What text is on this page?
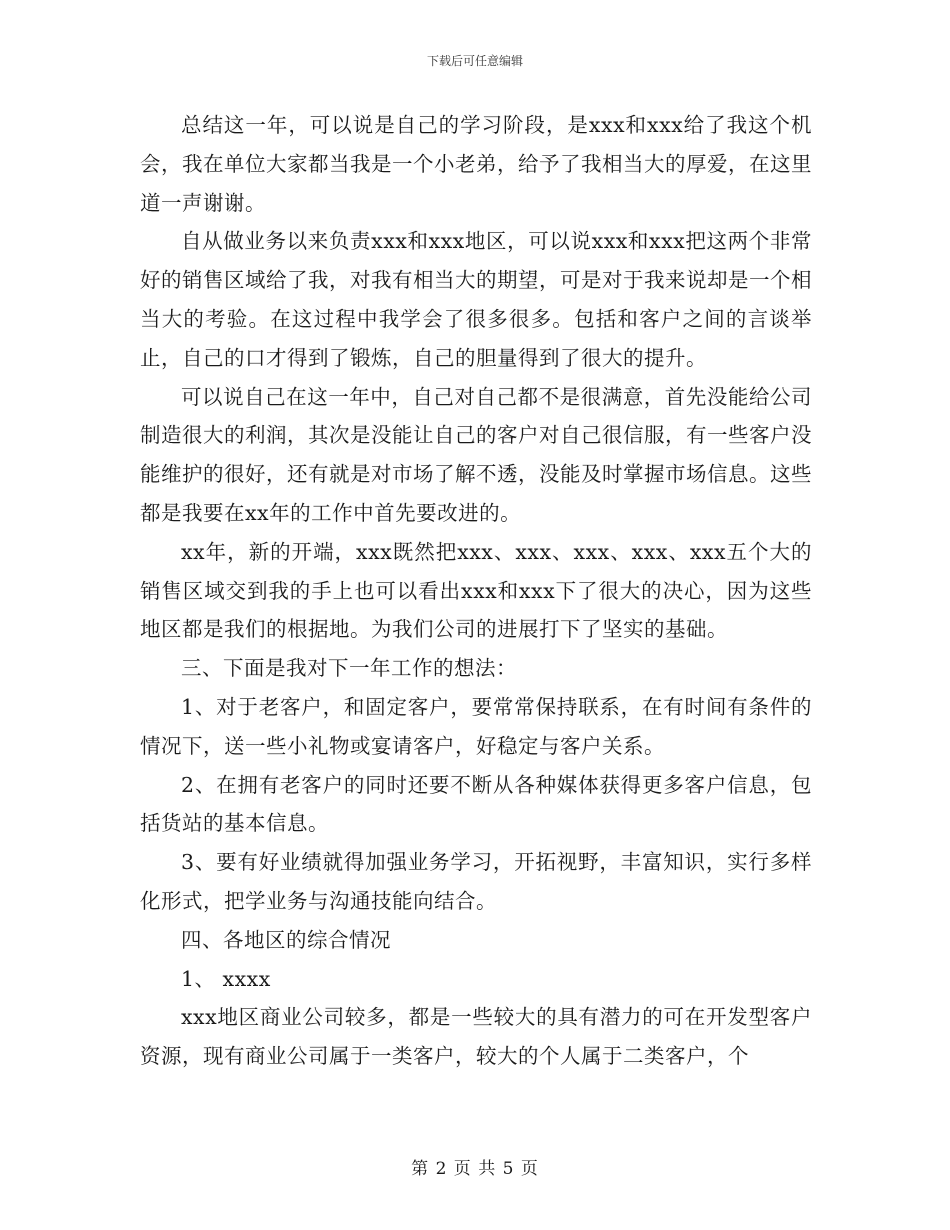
下载后可任意编辑

总结这一年，可以说是自己的学习阶段，是xxx和xxx给了我这个机会，我在单位大家都当我是一个小老弟，给予了我相当大的厚爱，在这里道一声谢谢。

自从做业务以来负责xxx和xxx地区，可以说xxx和xxx把这两个非常好的销售区域给了我，对我有相当大的期望，可是对于我来说却是一个相当大的考验。在这过程中我学会了很多很多。包括和客户之间的言谈举止，自己的口才得到了锻炼，自己的胆量得到了很大的提升。

可以说自己在这一年中，自己对自己都不是很满意，首先没能给公司制造很大的利润，其次是没能让自己的客户对自己很信服，有一些客户没能维护的很好，还有就是对市场了解不透，没能及时掌握市场信息。这些都是我要在xx年的工作中首先要改进的。

xx年，新的开端，xxx既然把xxx、xxx、xxx、xxx、xxx五个大的销售区域交到我的手上也可以看出xxx和xxx下了很大的决心，因为这些地区都是我们的根据地。为我们公司的进展打下了坚实的基础。

三、下面是我对下一年工作的想法：

1、对于老客户，和固定客户，要常常保持联系，在有时间有条件的情况下，送一些小礼物或宴请客户，好稳定与客户关系。

2、在拥有老客户的同时还要不断从各种媒体获得更多客户信息，包括货站的基本信息。

3、要有好业绩就得加强业务学习，开拓视野，丰富知识，实行多样化形式，把学业务与沟通技能向结合。

四、各地区的综合情况

1、 xxxx

xxx地区商业公司较多，都是一些较大的具有潜力的可在开发型客户资源，现有商业公司属于一类客户，较大的个人属于二类客户，个

第 2 页 共 5 页
